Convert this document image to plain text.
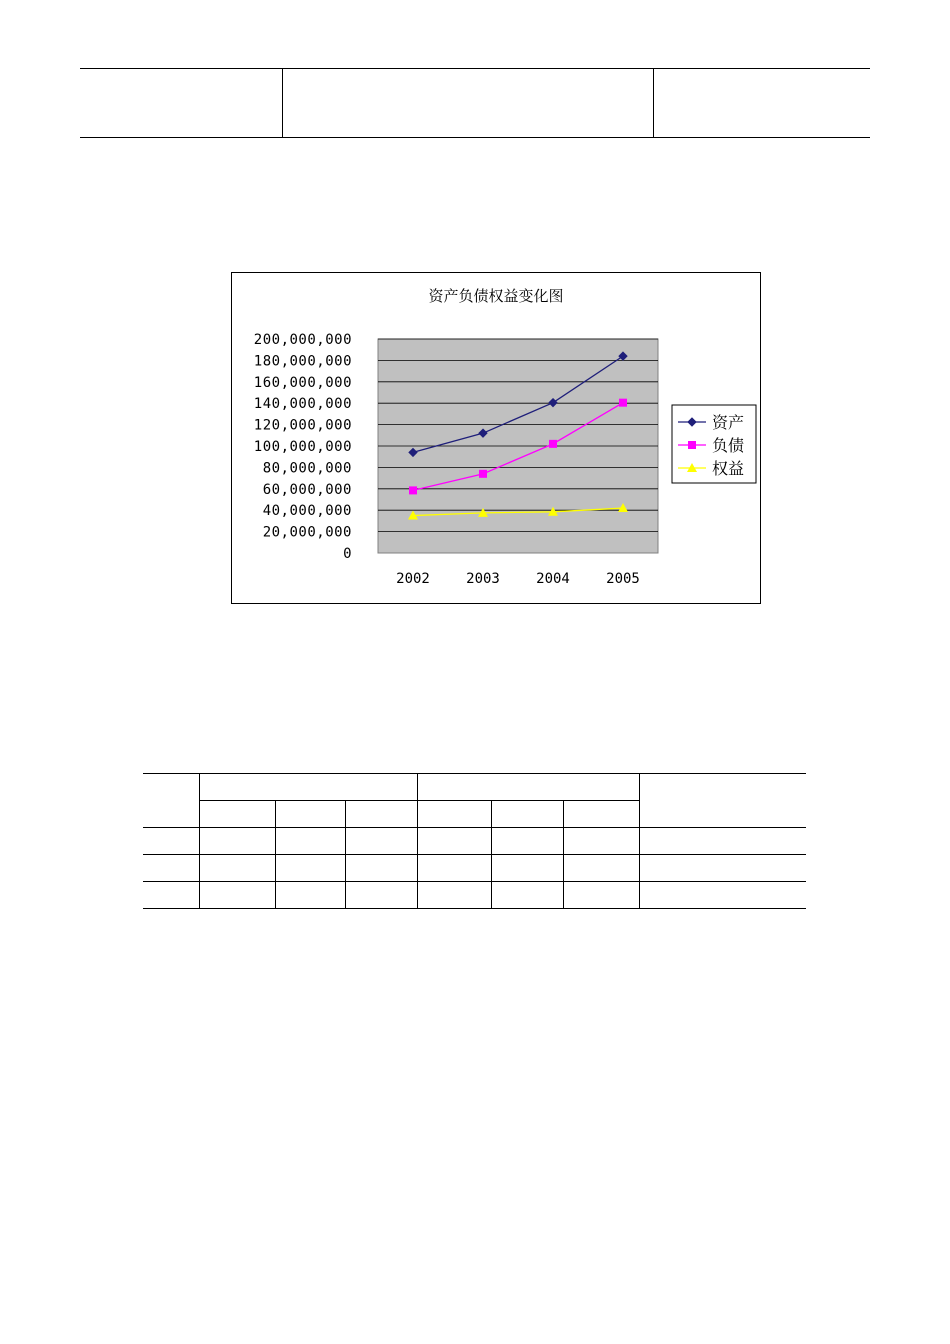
资产负债权益变化图
0
20,000,000
40,000,000
60,000,000
80,000,000
100,000,000
120,000,000
140,000,000
160,000,000
180,000,000
200,000,000
2002	2003	2004	2005
资产
负债
权益
